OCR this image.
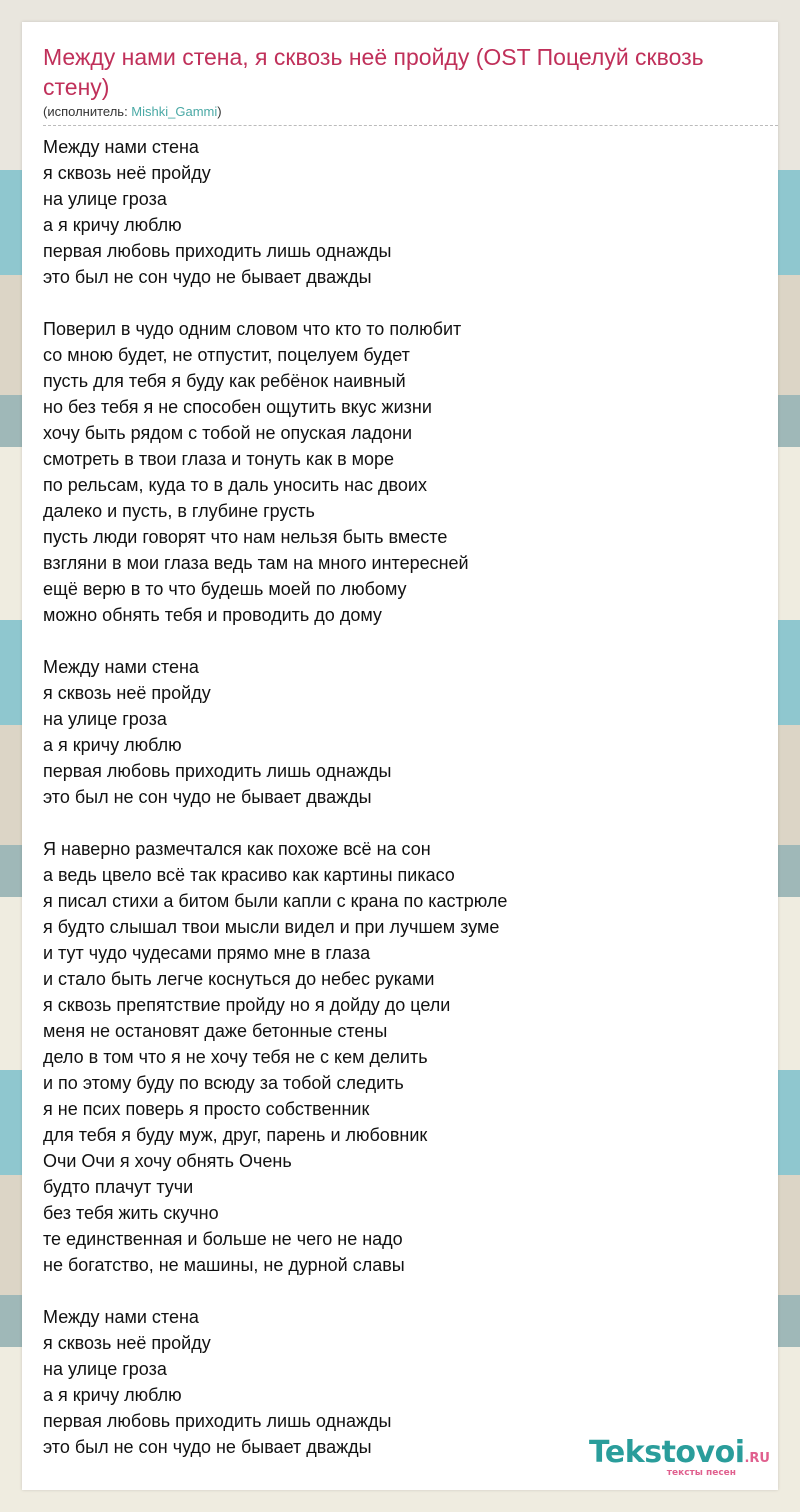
Между нами стена, я сквозь неё пройду (OST Поцелуй сквозь стену)
(исполнитель: Mishki_Gammi)
Между нами стена
я сквозь неё пройду
на улице гроза
а я кричу люблю
первая любовь приходить лишь однажды
это был не сон чудо не бывает дважды
Поверил в чудо одним словом что кто то полюбит
со мною будет, не отпустит, поцелуем будет
пусть для тебя я буду как ребёнок наивный
но без тебя я не способен ощутить вкус жизни
хочу быть рядом с тобой не опуская ладони
смотреть в твои глаза и тонуть как в море
по рельсам, куда то в даль уносить нас двоих
далеко и пусть, в глубине грусть
пусть люди говорят что нам нельзя быть вместе
взгляни в мои глаза ведь там на много интересней
ещё верю в то что будешь моей по любому
можно обнять тебя и проводить до дому
Между нами стена
я сквозь неё пройду
на улице гроза
а я кричу люблю
первая любовь приходить лишь однажды
это был не сон чудо не бывает дважды
Я наверно размечтался как похоже всё на сон
а ведь цвело всё так красиво как картины пикасо
я писал стихи а битом были капли с крана по кастрюле
я будто слышал твои мысли видел и при лучшем зуме
и тут чудо чудесами прямо мне в глаза
и стало быть легче коснуться до небес руками
я сквозь препятствие пройду но я дойду до цели
меня не остановят даже бетонные стены
дело в том что я не хочу тебя не с кем делить
и по этому буду по всюду за тобой следить
я не псих поверь я просто собственник
для тебя я буду муж, друг, парень и любовник
Очи Очи я хочу обнять Очень
будто плачут тучи
без тебя жить скучно
те единственная и больше не чего не надо
не богатство, не машины, не дурной славы
Между нами стена
я сквозь неё пройду
на улице гроза
а я кричу люблю
первая любовь приходить лишь однажды
это был не сон чудо не бывает дважды	Tekstovoi.RU
тексты песен
